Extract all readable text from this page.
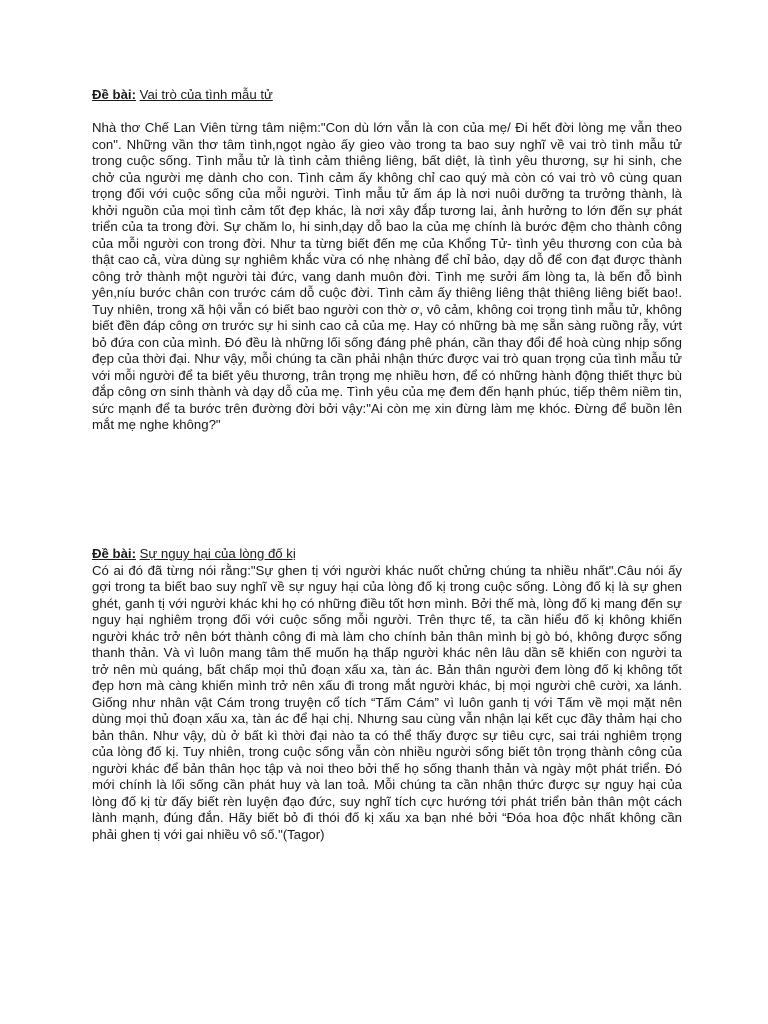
Đề bài: Vai trò của tình mẫu tử

Nhà thơ Chế Lan Viên từng tâm niệm:"Con dù lớn vẫn là con của mẹ/ Đi hết đời lòng mẹ vẫn theo con". Những vần thơ tâm tình,ngọt ngào ấy gieo vào trong ta bao suy nghĩ về vai trò tình mẫu tử trong cuộc sống. Tình mẫu tử là tình cảm thiêng liêng, bất diệt, là tình yêu thương, sự hi sinh, che chở của người mẹ dành cho con. Tình cảm ấy không chỉ cao quý mà còn có vai trò vô cùng quan trọng đối với cuộc sống của mỗi người. Tình mẫu tử ấm áp là nơi nuôi dưỡng ta trưởng thành, là khởi nguồn của mọi tình cảm tốt đẹp khác, là nơi xây đắp tương lai, ảnh hưởng to lớn đến sự phát triển của ta trong đời. Sự chăm lo, hi sinh,dạy dỗ bao la của mẹ chính là bước đệm cho thành công của mỗi người con trong đời. Như ta từng biết đến mẹ của Khổng Tử- tình yêu thương con của bà thật cao cả, vừa dùng sự nghiêm khắc vừa có nhẹ nhàng để chỉ bảo, dạy dỗ để con đạt được thành công trở thành một người tài đức, vang danh muôn đời. Tình mẹ sưởi ấm lòng ta, là bến đỗ bình yên,níu bước chân con trước cám dỗ cuộc đời. Tình cảm ấy thiêng liêng thật thiêng liêng biết bao!. Tuy nhiên, trong xã hội vẫn có biết bao người con thờ ơ, vô cảm, không coi trọng tình mẫu tử, không biết đền đáp công ơn trước sự hi sinh cao cả của mẹ. Hay có những bà mẹ sẵn sàng ruồng rẫy, vứt bỏ đứa con của mình. Đó đều là những lối sống đáng phê phán, cần thay đổi để hoà cùng nhịp sống đẹp của thời đại. Như vậy, mỗi chúng ta cần phải nhận thức được vai trò quan trọng của tình mẫu tử với mỗi người để ta biết yêu thương, trân trọng mẹ nhiều hơn, để có những hành động thiết thực bù đắp công ơn sinh thành và dạy dỗ của mẹ. Tình yêu của mẹ đem đến hạnh phúc, tiếp thêm niềm tin, sức mạnh để ta bước trên đường đời bởi vậy:"Ai còn mẹ xin đừng làm mẹ khóc. Đừng để buồn lên mắt mẹ nghe không?"

Đề bài: Sự nguy hại của lòng đố kị

Có ai đó đã từng nói rằng:"Sự ghen tị với người khác nuốt chửng chúng ta nhiều nhất".Câu nói ấy gợi trong ta biết bao suy nghĩ về sự nguy hại của lòng đố kị trong cuộc sống. Lòng đố kị là sự ghen ghét, ganh tị với người khác khi họ có những điều tốt hơn mình. Bởi thế mà, lòng đố kị mang đến sự nguy hại nghiêm trọng đối với cuộc sống mỗi người. Trên thực tế, ta cần hiểu đố kị không khiến người khác trở nên bớt thành công đi mà làm cho chính bản thân mình bị gò bó, không được sống thanh thản. Và vì luôn mang tâm thế muốn hạ thấp người khác nên lâu dần sẽ khiến con người ta trở nên mù quáng, bất chấp mọi thủ đoạn xấu xa, tàn ác. Bản thân người đem lòng đố kị không tốt đẹp hơn mà càng khiến mình trở nên xấu đi trong mắt người khác, bị mọi người chê cười, xa lánh. Giống như nhân vật Cám trong truyện cổ tích “Tấm Cám” vì luôn ganh tị với Tấm về mọi mặt nên dùng mọi thủ đoạn xấu xa, tàn ác để hại chị. Nhưng sau cùng vẫn nhận lại kết cục đầy thảm hại cho bản thân. Như vậy, dù ở bất kì thời đại nào ta có thể thấy được sự tiêu cực, sai trái nghiêm trọng của lòng đố kị. Tuy nhiên, trong cuộc sống vẫn còn nhiều người sống biết tôn trọng thành công của người khác để bản thân học tập và noi theo bởi thế họ sống thanh thản và ngày một phát triển. Đó mới chính là lối sống cần phát huy và lan toả. Mỗi chúng ta cần nhận thức được sự nguy hại của lòng đố kị từ đấy biết rèn luyện đạo đức, suy nghĩ tích cực hướng tới phát triển bản thân một cách lành mạnh, đúng đắn. Hãy biết bỏ đi thói đố kị xấu xa bạn nhé bởi “Đóa hoa độc nhất không cần phải ghen tị với gai nhiều vô số."(Tagor)
